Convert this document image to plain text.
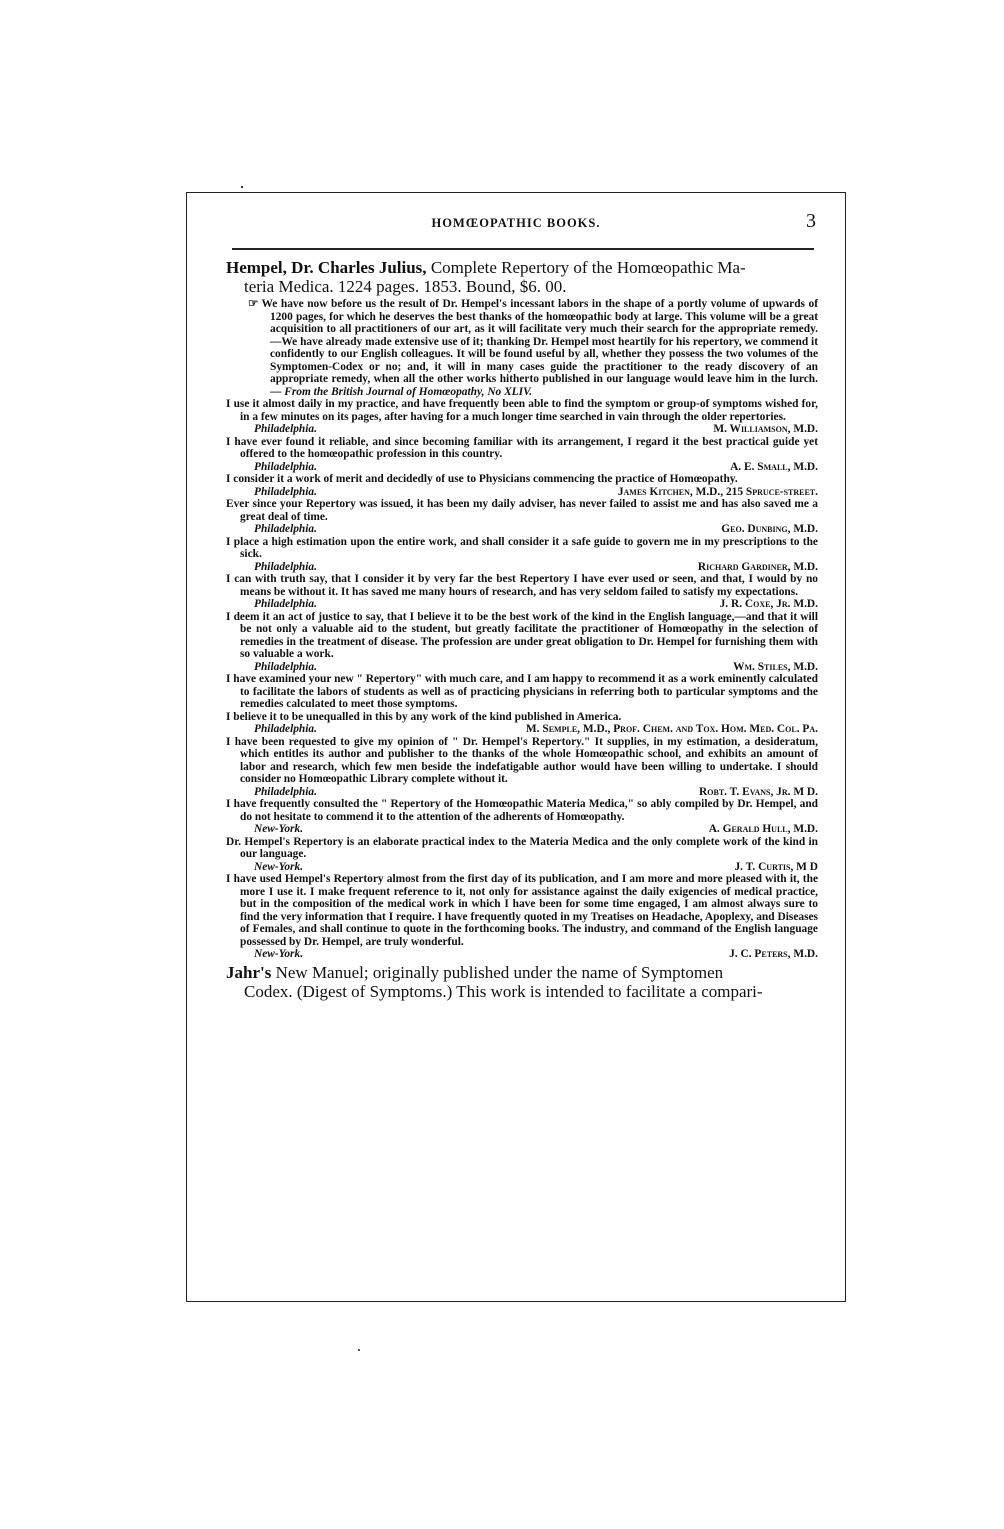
HOMŒOPATHIC BOOKS.	3
Hempel, Dr. Charles Julius, Complete Repertory of the Homœopathic Ma-
teria Medica. 1224 pages. 1853. Bound, $6. 00.

☞ We have now before us the result of Dr. Hempel's incessant labors in the shape of a portly volume of upwards of 1200 pages, for which he deserves the best thanks of the homœopathic body at large. This volume will be a great acquisition to all practitioners of our art, as it will facilitate very much their search for the appropriate remedy.—We have already made extensive use of it; thanking Dr. Hempel most heartily for his repertory, we commend it confidently to our English colleagues. It will be found useful by all, whether they possess the two volumes of the Symptomen-Codex or no; and, it will in many cases guide the practitioner to the ready discovery of an appropriate remedy, when all the other works hitherto published in our language would leave him in the lurch.— From the British Journal of Homœopathy, No XLIV.

I use it almost daily in my practice, and have frequently been able to find the symptom or group-of symptoms wished for, in a few minutes on its pages, after having for a much longer time searched in vain through the older repertories.

Philadelphia.	M. Williamson, M.D.

I have ever found it reliable, and since becoming familiar with its arrangement, I regard it the best practical guide yet offered to the homœopathic profession in this country.

Philadelphia.	A. E. Small, M.D.

I consider it a work of merit and decidedly of use to Physicians commencing the practice of Homœopathy.

Philadelphia.	James Kitchen, M.D., 215 Spruce-street.

Ever since your Repertory was issued, it has been my daily adviser, has never failed to assist me and has also saved me a great deal of time.

Philadelphia.	Geo. Dunbing, M.D.

I place a high estimation upon the entire work, and shall consider it a safe guide to govern me in my prescriptions to the sick.

Philadelphia.	Richard Gardiner, M.D.

I can with truth say, that I consider it by very far the best Repertory I have ever used or seen, and that, I would by no means be without it. It has saved me many hours of research, and has very seldom failed to satisfy my expectations.

Philadelphia.	J. R. Coxe, Jr. M.D.

I deem it an act of justice to say, that I believe it to be the best work of the kind in the English language,—and that it will be not only a valuable aid to the student, but greatly facilitate the practitioner of Homœopathy in the selection of remedies in the treatment of disease. The profession are under great obligation to Dr. Hempel for furnishing them with so valuable a work.

Philadelphia.	Wm. Stiles, M.D.

I have examined your new " Repertory" with much care, and I am happy to recommend it as a work eminently calculated to facilitate the labors of students as well as of practicing physicians in referring both to particular symptoms and the remedies calculated to meet those symptoms.

I believe it to be unequalled in this by any work of the kind published in America.

Philadelphia.	M. Semple, M.D., Prof. Chem. and Tox. Hom. Med. Col. Pa.

I have been requested to give my opinion of " Dr. Hempel's Repertory." It supplies, in my estimation, a desideratum, which entitles its author and publisher to the thanks of the whole Homœopathic school, and exhibits an amount of labor and research, which few men beside the indefatigable author would have been willing to undertake. I should consider no Homœopathic Library complete without it.

Philadelphia.	Robt. T. Evans, Jr. M D.

I have frequently consulted the " Repertory of the Homœopathic Materia Medica," so ably compiled by Dr. Hempel, and do not hesitate to commend it to the attention of the adherents of Homœopathy.

New-York.	A. Gerald Hull, M.D.

Dr. Hempel's Repertory is an elaborate practical index to the Materia Medica and the only complete work of the kind in our language.

New-York.	J. T. Curtis, M D

I have used Hempel's Repertory almost from the first day of its publication, and I am more and more pleased with it, the more I use it. I make frequent reference to it, not only for assistance against the daily exigencies of medical practice, but in the composition of the medical work in which I have been for some time engaged, I am almost always sure to find the very information that I require. I have frequently quoted in my Treatises on Headache, Apoplexy, and Diseases of Females, and shall continue to quote in the forthcoming books. The industry, and command of the English language possessed by Dr. Hempel, are truly wonderful.

New-York.	J. C. Peters, M.D.
Jahr's New Manuel; originally published under the name of Symptomen
Codex. (Digest of Symptoms.) This work is intended to facilitate a compari-
